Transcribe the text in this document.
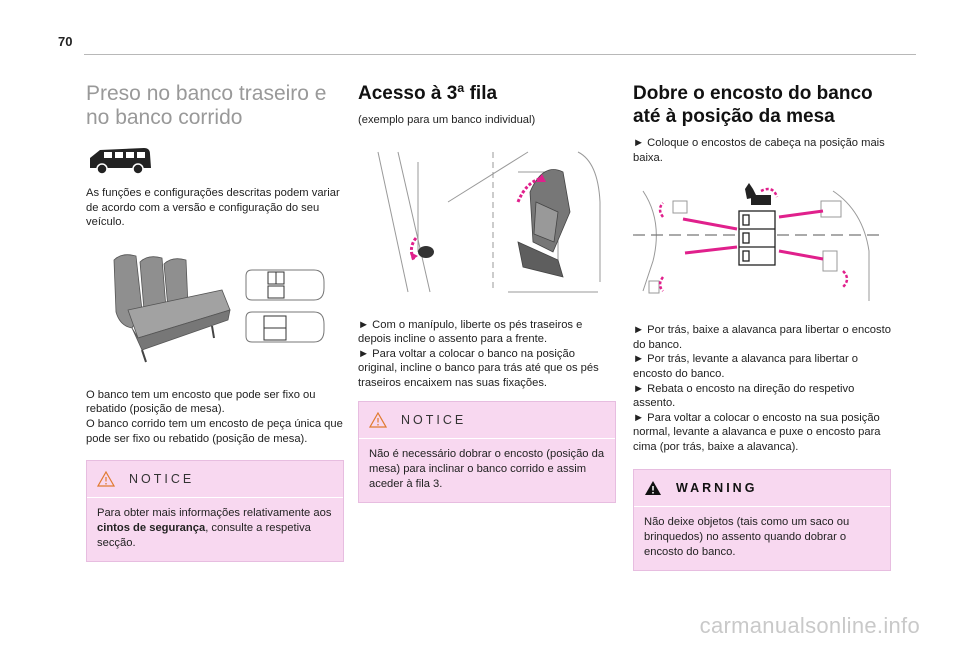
70
Preso no banco traseiro e
no banco corrido

As funções e configurações descritas podem variar de acordo com a versão e configuração do seu veículo.

O banco tem um encosto que pode ser fixo ou rebatido (posição de mesa).

O banco corrido tem um encosto de peça única que pode ser fixo ou rebatido (posição de mesa).

NOTICE

Para obter mais informações relativamente aos cintos de segurança, consulte a respetiva secção.

Acesso à 3ª fila

(exemplo para um banco individual)

► Com o manípulo, liberte os pés traseiros e depois incline o assento para a frente.

► Para voltar a colocar o banco na posição original, incline o banco para trás até que os pés traseiros encaixem nas suas fixações.

NOTICE

Não é necessário dobrar o encosto (posição da mesa) para inclinar o banco corrido e assim aceder à fila 3.

Dobre o encosto do banco
até à posição da mesa

► Coloque o encostos de cabeça na posição mais baixa.

► Por trás, baixe a alavanca para libertar o encosto do banco.

► Por trás, levante a alavanca para libertar o encosto do banco.

► Rebata o encosto na direção do respetivo assento.

► Para voltar a colocar o encosto na sua posição normal, levante a alavanca e puxe o encosto para cima (por trás, baixe a alavanca).

WARNING

Não deixe objetos (tais como um saco ou brinquedos) no assento quando dobrar o encosto do banco.

carmanualsonline.info
